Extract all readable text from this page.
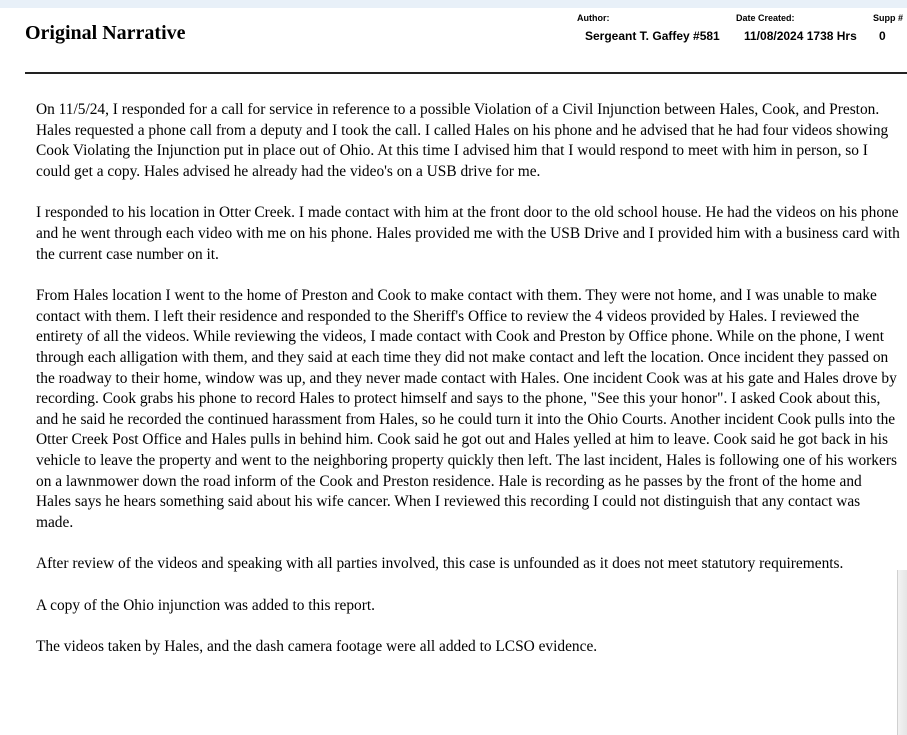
Original Narrative
Author:
Sergeant T. Gaffey #581
Date Created:
11/08/2024 1738 Hrs
Supp #
0

On 11/5/24, I responded for a call for service in reference to a possible Violation of a Civil Injunction between Hales, Cook, and Preston. Hales requested a phone call from a deputy and I took the call. I called Hales on his phone and he advised that he had four videos showing Cook Violating the Injunction put in place out of Ohio. At this time I advised him that I would respond to meet with him in person, so I could get a copy. Hales advised he already had the video's on a USB drive for me.

I responded to his location in Otter Creek. I made contact with him at the front door to the old school house. He had the videos on his phone and he went through each video with me on his phone. Hales provided me with the USB Drive and I provided him with a business card with the current case number on it.

From Hales location I went to the home of Preston and Cook to make contact with them. They were not home, and I was unable to make contact with them. I left their residence and responded to the Sheriff's Office to review the 4 videos provided by Hales. I reviewed the entirety of all the videos. While reviewing the videos, I made contact with Cook and Preston by Office phone. While on the phone, I went through each alligation with them, and they said at each time they did not make contact and left the location. Once incident they passed on the roadway to their home, window was up, and they never made contact with Hales. One incident Cook was at his gate and Hales drove by recording. Cook grabs his phone to record Hales to protect himself and says to the phone, "See this your honor". I asked Cook about this, and he said he recorded the continued harassment from Hales, so he could turn it into the Ohio Courts. Another incident Cook pulls into the Otter Creek Post Office and Hales pulls in behind him. Cook said he got out and Hales yelled at him to leave. Cook said he got back in his vehicle to leave the property and went to the neighboring property quickly then left. The last incident, Hales is following one of his workers on a lawnmower down the road inform of the Cook and Preston residence. Hale is recording as he passes by the front of the home and Hales says he hears something said about his wife cancer. When I reviewed this recording I could not distinguish that any contact was made.

After review of the videos and speaking with all parties involved, this case is unfounded as it does not meet statutory requirements.

A copy of the Ohio injunction was added to this report.

The videos taken by Hales, and the dash camera footage were all added to LCSO evidence.
